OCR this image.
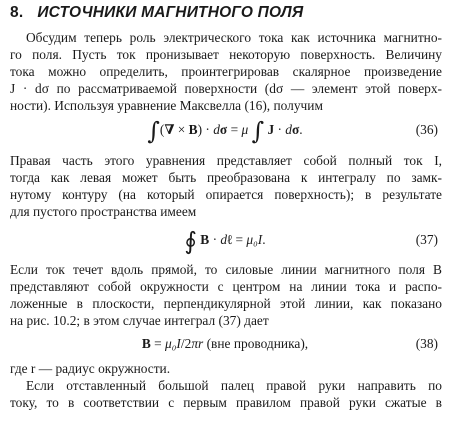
8. ИСТОЧНИКИ МАГНИТНОГО ПОЛЯ
Обсудим теперь роль электрического тока как источника магнитно-
го поля. Пусть ток пронизывает некоторую поверхность. Величину
тока можно определить, проинтегрировав скалярное произведение
J · dσ по рассматриваемой поверхности (dσ — элемент этой поверх-
ности). Используя уравнение Максвелла (16), получим
∫(∇ × B) · dσ = μ ∫ J · dσ.	(36)
Правая часть этого уравнения представляет собой полный ток I,
тогда как левая может быть преобразована к интегралу по замк-
нутому контуру (на который опирается поверхность); в результате
для пустого пространства имеем
∮ B · dℓ = μ₀I.	(37)
Если ток течет вдоль прямой, то силовые линии магнитного поля B
представляют собой окружности с центром на линии тока и распо-
ложенные в плоскости, перпендикулярной этой линии, как показано
на рис. 10.2; в этом случае интеграл (37) дает
B = μ₀I/2πr (вне проводника),	(38)
где r — радиус окружности.
Если отставленный большой палец правой руки направить по
току, то в соответствии с первым правилом правой руки сжатые в
